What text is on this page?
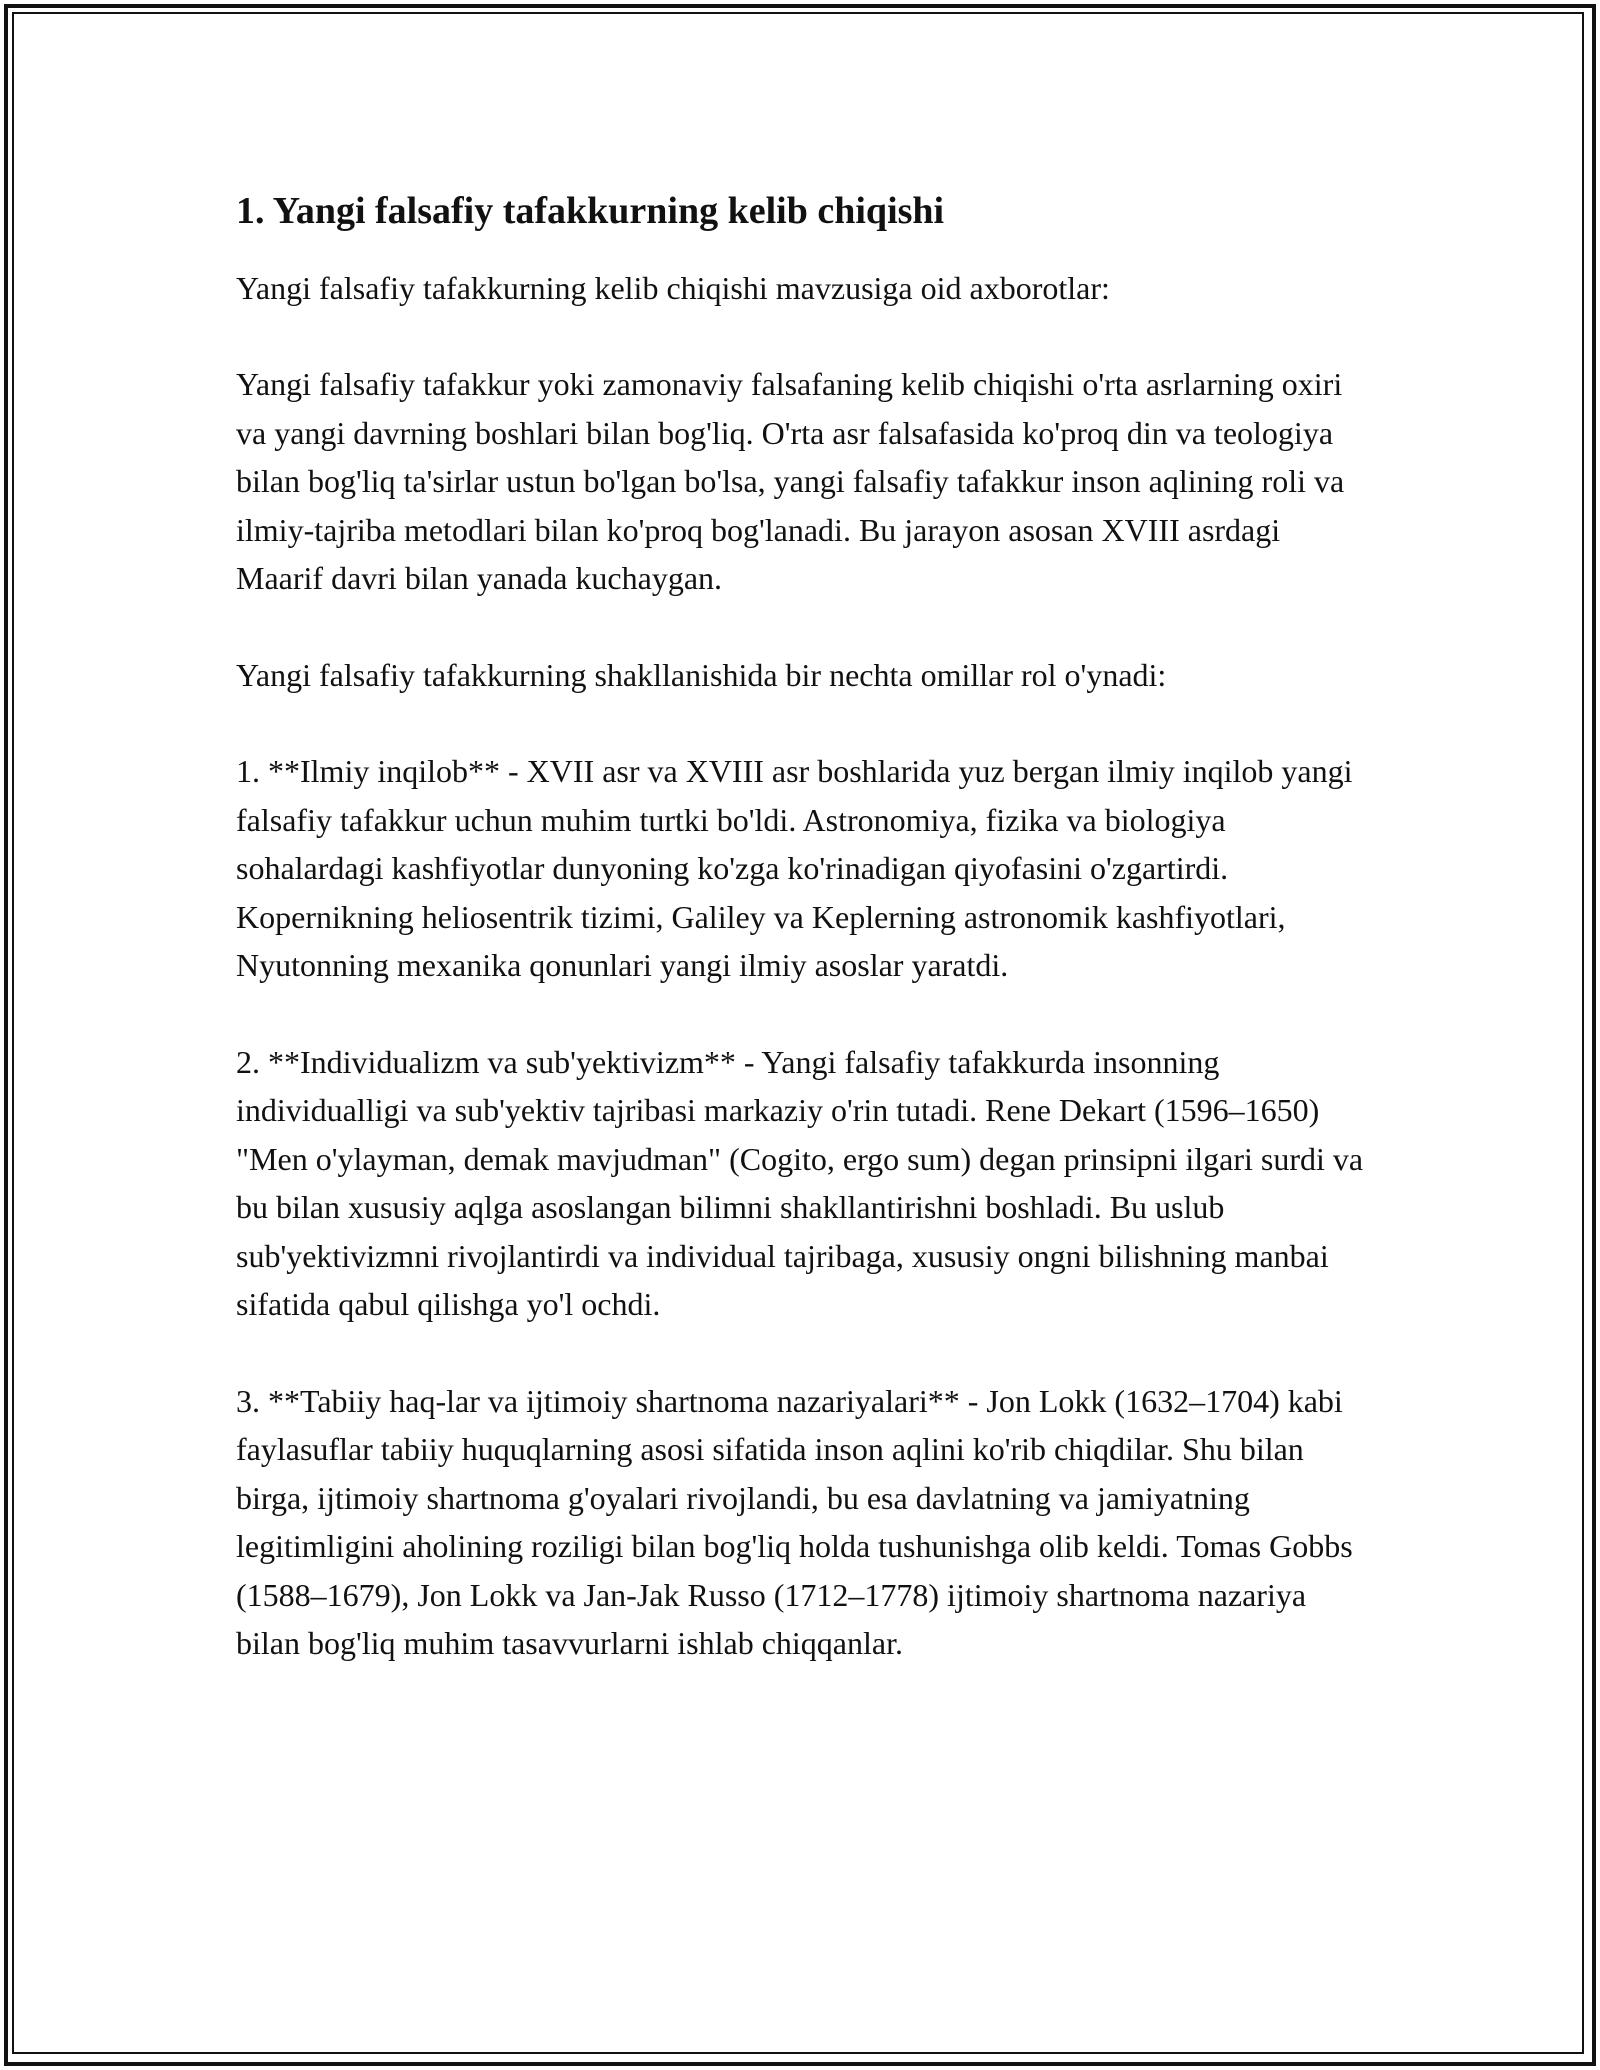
1. Yangi falsafiy tafakkurning kelib chiqishi

Yangi falsafiy tafakkurning kelib chiqishi mavzusiga oid axborotlar:

Yangi falsafiy tafakkur yoki zamonaviy falsafaning kelib chiqishi o'rta asrlarning oxiri va yangi davrning boshlari bilan bog'liq. O'rta asr falsafasida ko'proq din va teologiya bilan bog'liq ta'sirlar ustun bo'lgan bo'lsa, yangi falsafiy tafakkur inson aqlining roli va ilmiy-tajriba metodlari bilan ko'proq bog'lanadi. Bu jarayon asosan XVIII asrdagi Maarif davri bilan yanada kuchaygan.

Yangi falsafiy tafakkurning shakllanishida bir nechta omillar rol o'ynadi:

1. **Ilmiy inqilob** - XVII asr va XVIII asr boshlarida yuz bergan ilmiy inqilob yangi falsafiy tafakkur uchun muhim turtki bo'ldi. Astronomiya, fizika va biologiya sohalardagi kashfiyotlar dunyoning ko'zga ko'rinadigan qiyofasini o'zgartirdi. Kopernikning heliosentrik tizimi, Galiley va Keplerning astronomik kashfiyotlari, Nyutonning mexanika qonunlari yangi ilmiy asoslar yaratdi.

2. **Individualizm va sub'yektivizm** - Yangi falsafiy tafakkurda insonning individualligi va sub'yektiv tajribasi markaziy o'rin tutadi. Rene Dekart (1596–1650) "Men o'ylayman, demak mavjudman" (Cogito, ergo sum) degan prinsipni ilgari surdi va bu bilan xususiy aqlga asoslangan bilimni shakllantirishni boshladi. Bu uslub sub'yektivizmni rivojlantirdi va individual tajribaga, xususiy ongni bilishning manbai sifatida qabul qilishga yo'l ochdi.

3. **Tabiiy haq-lar va ijtimoiy shartnoma nazariyalari** - Jon Lokk (1632–1704) kabi faylasuflar tabiiy huquqlarning asosi sifatida inson aqlini ko'rib chiqdilar. Shu bilan birga, ijtimoiy shartnoma g'oyalari rivojlandi, bu esa davlatning va jamiyatning legitimligini aholining roziligi bilan bog'liq holda tushunishga olib keldi. Tomas Gobbs (1588–1679), Jon Lokk va Jan-Jak Russo (1712–1778) ijtimoiy shartnoma nazariya bilan bog'liq muhim tasavvurlarni ishlab chiqqanlar.
